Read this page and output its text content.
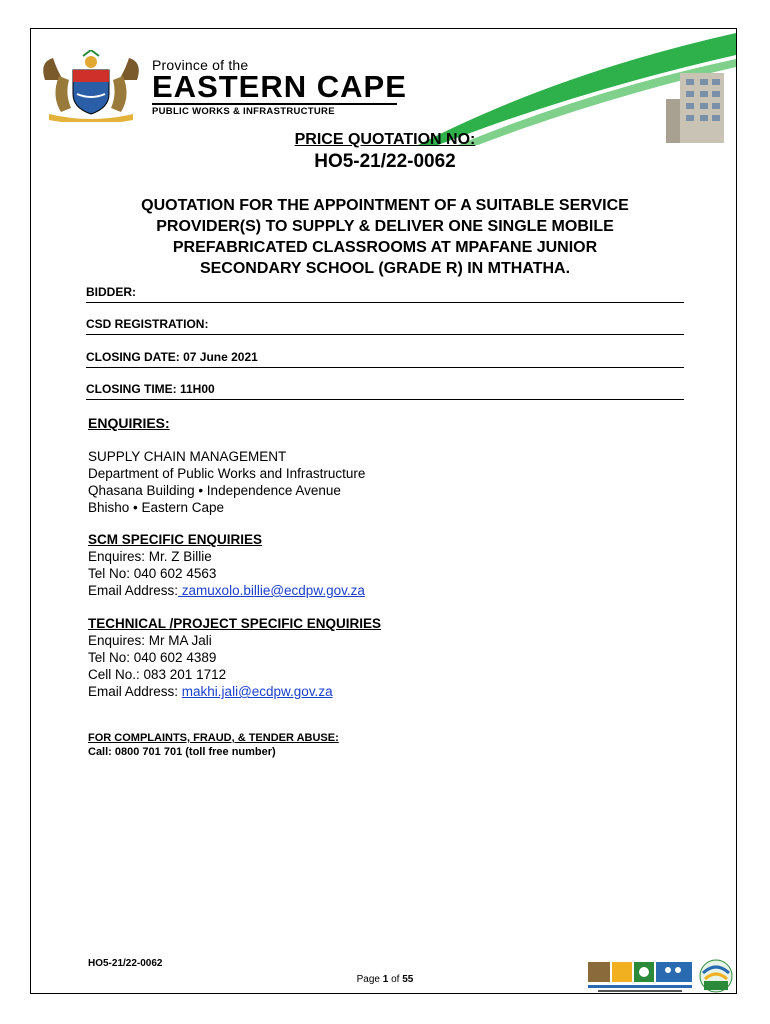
Province of the
EASTERN CAPE
PUBLIC WORKS & INFRASTRUCTURE
PRICE QUOTATION NO:
HO5-21/22-0062
QUOTATION FOR THE APPOINTMENT OF A SUITABLE SERVICE
PROVIDER(S) TO SUPPLY & DELIVER ONE SINGLE MOBILE
PREFABRICATED CLASSROOMS AT MPAFANE JUNIOR
SECONDARY SCHOOL (GRADE R) IN MTHATHA.
BIDDER:
CSD REGISTRATION:
CLOSING DATE: 07 June 2021
CLOSING TIME: 11H00
ENQUIRIES:
SUPPLY CHAIN MANAGEMENT
Department of Public Works and Infrastructure
Qhasana Building • Independence Avenue
Bhisho • Eastern Cape
SCM SPECIFIC ENQUIRIES
Enquires: Mr. Z Billie
Tel No: 040 602 4563
Email Address: zamuxolo.billie@ecdpw.gov.za
TECHNICAL /PROJECT SPECIFIC ENQUIRIES
Enquires: Mr MA Jali
Tel No: 040 602 4389
Cell No.: 083 201 1712
Email Address: makhi.jali@ecdpw.gov.za
FOR COMPLAINTS, FRAUD, & TENDER ABUSE:
Call: 0800 701 701 (toll free number)
HO5-21/22-0062
Page 1 of 55
